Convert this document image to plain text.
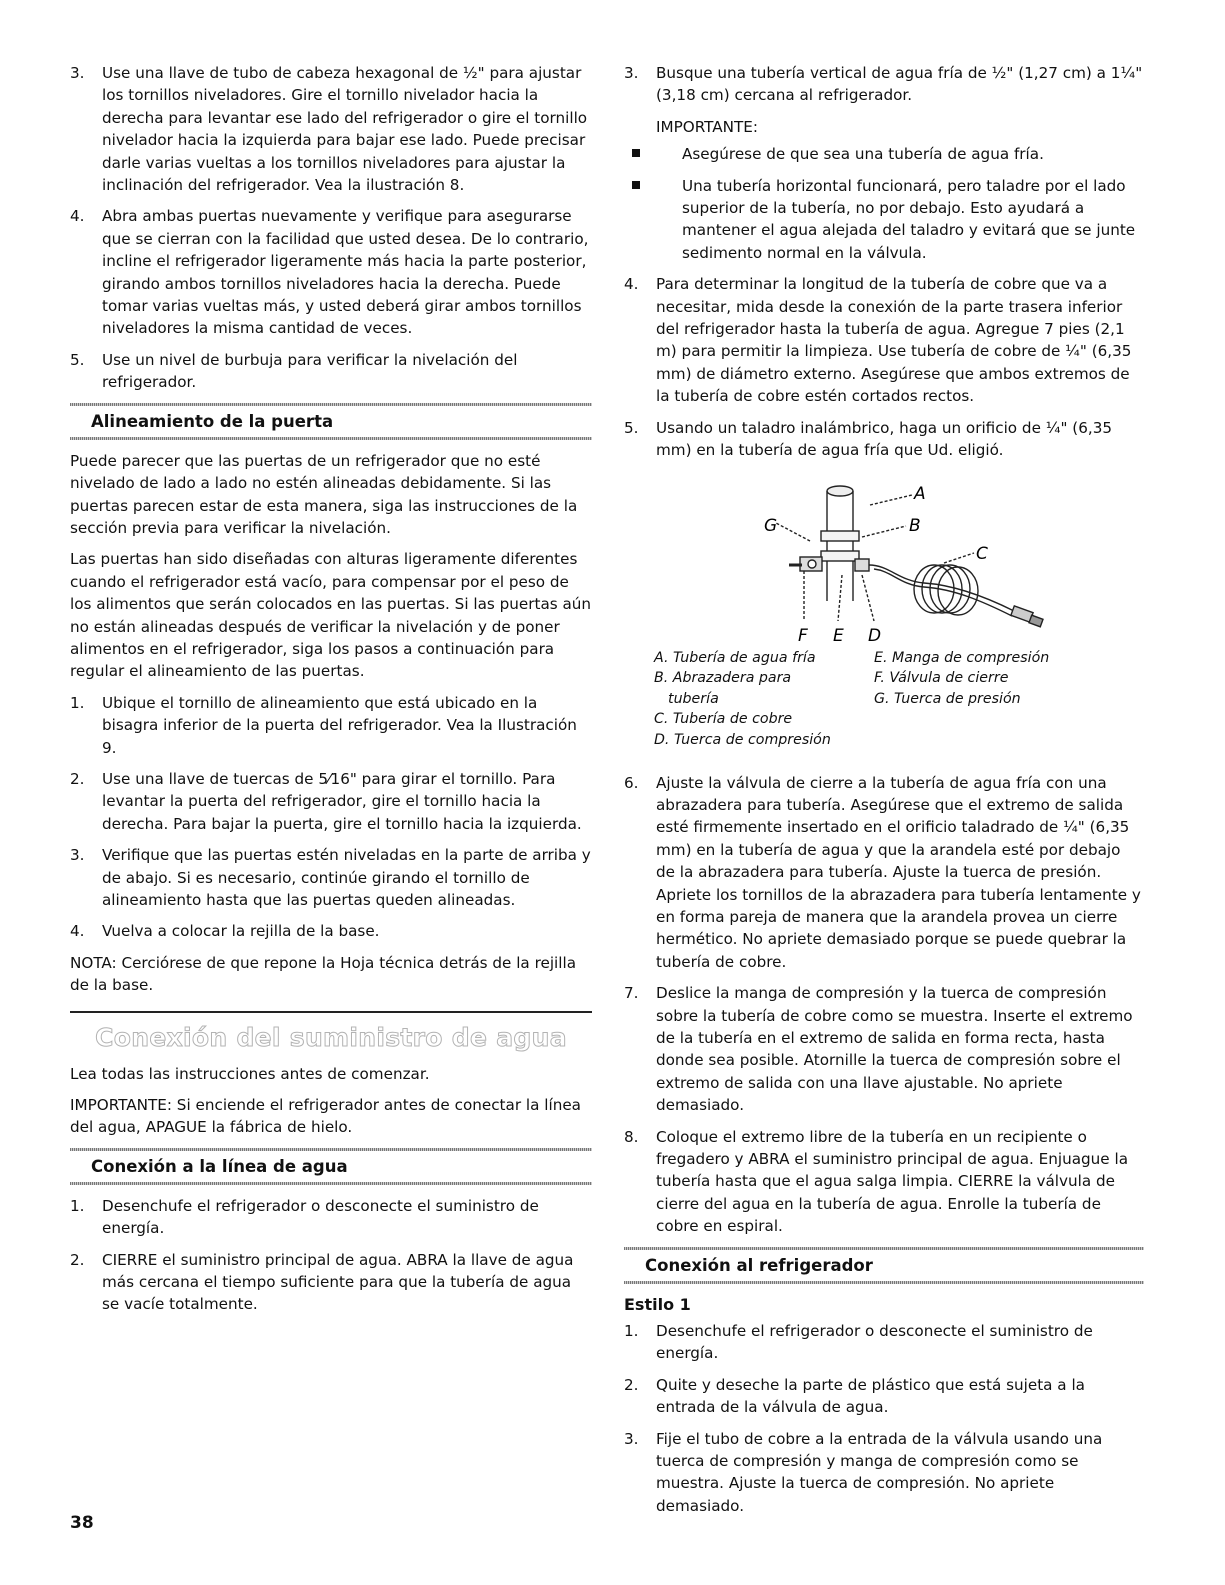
3. Use una llave de tubo de cabeza hexagonal de ½" para ajustar los tornillos niveladores. Gire el tornillo nivelador hacia la derecha para levantar ese lado del refrigerador o gire el tornillo nivelador hacia la izquierda para bajar ese lado. Puede precisar darle varias vueltas a los tornillos niveladores para ajustar la inclinación del refrigerador. Vea la ilustración 8.

4. Abra ambas puertas nuevamente y verifique para asegurarse que se cierran con la facilidad que usted desea. De lo contrario, incline el refrigerador ligeramente más hacia la parte posterior, girando ambos tornillos niveladores hacia la derecha. Puede tomar varias vueltas más, y usted deberá girar ambos tornillos niveladores la misma cantidad de veces.

5. Use un nivel de burbuja para verificar la nivelación del refrigerador.

Alineamiento de la puerta

Puede parecer que las puertas de un refrigerador que no esté nivelado de lado a lado no estén alineadas debidamente. Si las puertas parecen estar de esta manera, siga las instrucciones de la sección previa para verificar la nivelación.

Las puertas han sido diseñadas con alturas ligeramente diferentes cuando el refrigerador está vacío, para compensar por el peso de los alimentos que serán colocados en las puertas. Si las puertas aún no están alineadas después de verificar la nivelación y de poner alimentos en el refrigerador, siga los pasos a continuación para regular el alineamiento de las puertas.

1. Ubique el tornillo de alineamiento que está ubicado en la bisagra inferior de la puerta del refrigerador. Vea la Ilustración 9.

2. Use una llave de tuercas de 5⁄16" para girar el tornillo. Para levantar la puerta del refrigerador, gire el tornillo hacia la derecha. Para bajar la puerta, gire el tornillo hacia la izquierda.

3. Verifique que las puertas estén niveladas en la parte de arriba y de abajo. Si es necesario, continúe girando el tornillo de alineamiento hasta que las puertas queden alineadas.

4. Vuelva a colocar la rejilla de la base.

NOTA: Cerciórese de que repone la Hoja técnica detrás de la rejilla de la base.

Conexión del suministro de agua

Lea todas las instrucciones antes de comenzar.

IMPORTANTE: Si enciende el refrigerador antes de conectar la línea del agua, APAGUE la fábrica de hielo.

Conexión a la línea de agua
1. Desenchufe el refrigerador o desconecte el suministro de energía.

2. CIERRE el suministro principal de agua. ABRA la llave de agua más cercana el tiempo suficiente para que la tubería de agua se vacíe totalmente.

3. Busque una tubería vertical de agua fría de ½" (1,27 cm) a 1¼" (3,18 cm) cercana al refrigerador.

IMPORTANTE:

Asegúrese de que sea una tubería de agua fría.

Una tubería horizontal funcionará, pero taladre por el lado superior de la tubería, no por debajo. Esto ayudará a mantener el agua alejada del taladro y evitará que se junte sedimento normal en la válvula.

4. Para determinar la longitud de la tubería de cobre que va a necesitar, mida desde la conexión de la parte trasera inferior del refrigerador hasta la tubería de agua. Agregue 7 pies (2,1 m) para permitir la limpieza. Use tubería de cobre de ¼" (6,35 mm) de diámetro externo. Asegúrese que ambos extremos de la tubería de cobre estén cortados rectos.

5. Usando un taladro inalámbrico, haga un orificio de ¼" (6,35 mm) en la tubería de agua fría que Ud. eligió.

A
B
C
G
F E D
A. Tubería de agua fría
B. Abrazadera para
tubería
C. Tubería de cobre
D. Tuerca de compresión
E. Manga de compresión
F. Válvula de cierre
G. Tuerca de presión
6. Ajuste la válvula de cierre a la tubería de agua fría con una abrazadera para tubería. Asegúrese que el extremo de salida esté firmemente insertado en el orificio taladrado de ¼" (6,35 mm) en la tubería de agua y que la arandela esté por debajo de la abrazadera para tubería. Ajuste la tuerca de presión. Apriete los tornillos de la abrazadera para tubería lentamente y en forma pareja de manera que la arandela provea un cierre hermético. No apriete demasiado porque se puede quebrar la tubería de cobre.

7. Deslice la manga de compresión y la tuerca de compresión sobre la tubería de cobre como se muestra. Inserte el extremo de la tubería en el extremo de salida en forma recta, hasta donde sea posible. Atornille la tuerca de compresión sobre el extremo de salida con una llave ajustable. No apriete demasiado.

8. Coloque el extremo libre de la tubería en un recipiente o fregadero y ABRA el suministro principal de agua. Enjuague la tubería hasta que el agua salga limpia. CIERRE la válvula de cierre del agua en la tubería de agua. Enrolle la tubería de cobre en espiral.

Conexión al refrigerador
Estilo 1
1. Desenchufe el refrigerador o desconecte el suministro de energía.

2. Quite y deseche la parte de plástico que está sujeta a la entrada de la válvula de agua.

3. Fije el tubo de cobre a la entrada de la válvula usando una tuerca de compresión y manga de compresión como se muestra. Ajuste la tuerca de compresión. No apriete demasiado.

38
